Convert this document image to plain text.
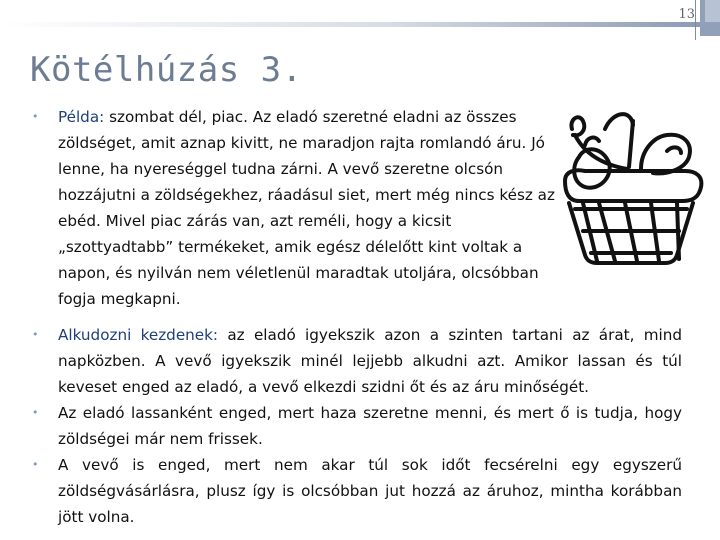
13
Kötélhúzás 3.
• Példa: szombat dél, piac. Az eladó szeretné eladni az összes zöldséget, amit aznap kivitt, ne maradjon rajta romlandó áru. Jó lenne, ha nyereséggel tudna zárni. A vevő szeretne olcsón hozzájutni a zöldségekhez, ráadásul siet, mert még nincs kész az ebéd. Mivel piac zárás van, azt reméli, hogy a kicsit „szottyadtabb” termékeket, amik egész délelőtt kint voltak a napon, és nyilván nem véletlenül maradtak utoljára, olcsóbban fogja megkapni.
• Alkudozni kezdenek: az eladó igyekszik azon a szinten tartani az árat, mind napközben. A vevő igyekszik minél lejjebb alkudni azt. Amikor lassan és túl keveset enged az eladó, a vevő elkezdi szidni őt és az áru minőségét.
• Az eladó lassanként enged, mert haza szeretne menni, és mert ő is tudja, hogy zöldségei már nem frissek.
• A vevő is enged, mert nem akar túl sok időt fecsérelni egy egyszerű zöldségvásárlásra, plusz így is olcsóbban jut hozzá az áruhoz, mintha korábban jött volna.
